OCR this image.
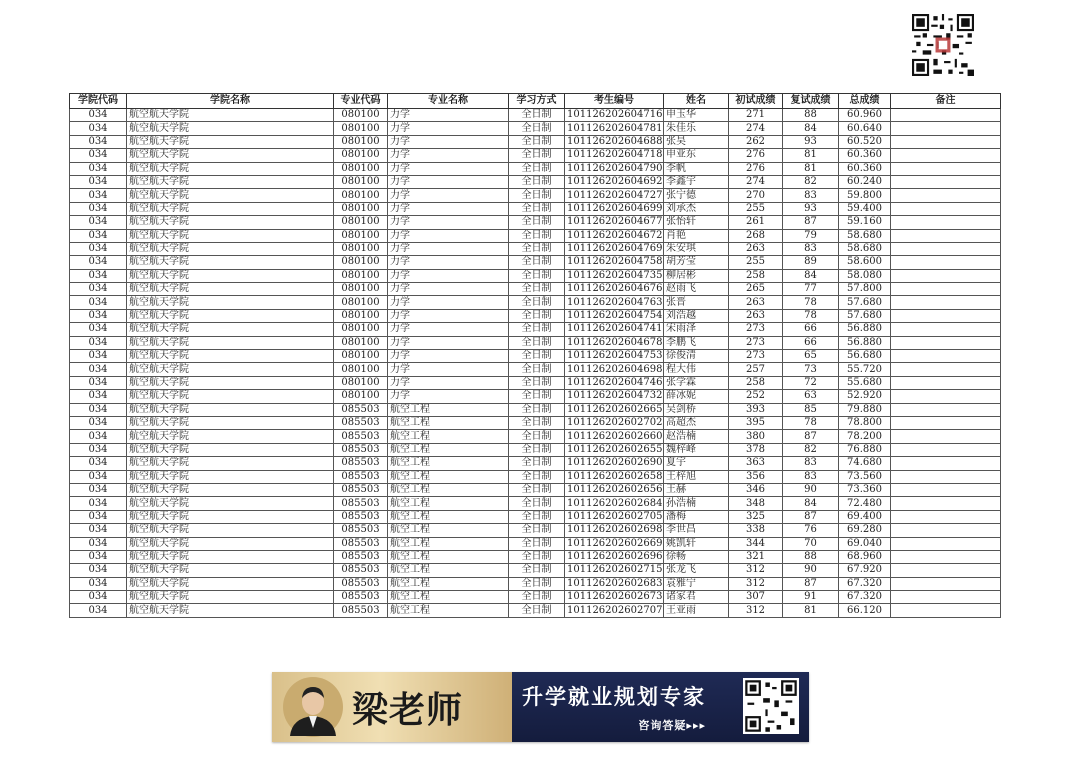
学院代码	学院名称	专业代码	专业名称	学习方式	考生编号	姓名	初试成绩	复试成绩	总成绩	备注
034	航空航天学院	080100	力学	全日制	101126202604716	申玉华	271	88	60.960	
034	航空航天学院	080100	力学	全日制	101126202604781	朱佳乐	274	84	60.640	
034	航空航天学院	080100	力学	全日制	101126202604688	张昊	262	93	60.520	
034	航空航天学院	080100	力学	全日制	101126202604718	申亚东	276	81	60.360	
034	航空航天学院	080100	力学	全日制	101126202604790	李帆	276	81	60.360	
034	航空航天学院	080100	力学	全日制	101126202604692	李鑫宇	274	82	60.240	
034	航空航天学院	080100	力学	全日制	101126202604727	张宁德	270	83	59.800	
034	航空航天学院	080100	力学	全日制	101126202604699	刘承杰	255	93	59.400	
034	航空航天学院	080100	力学	全日制	101126202604677	张怡轩	261	87	59.160	
034	航空航天学院	080100	力学	全日制	101126202604672	肖艳	268	79	58.680	
034	航空航天学院	080100	力学	全日制	101126202604769	朱安琪	263	83	58.680	
034	航空航天学院	080100	力学	全日制	101126202604758	胡芳莹	255	89	58.600	
034	航空航天学院	080100	力学	全日制	101126202604735	柳居彬	258	84	58.080	
034	航空航天学院	080100	力学	全日制	101126202604676	赵雨飞	265	77	57.800	
034	航空航天学院	080100	力学	全日制	101126202604763	张晋	263	78	57.680	
034	航空航天学院	080100	力学	全日制	101126202604754	刘浩越	263	78	57.680	
034	航空航天学院	080100	力学	全日制	101126202604741	宋雨泽	273	66	56.880	
034	航空航天学院	080100	力学	全日制	101126202604678	李鹏飞	273	66	56.880	
034	航空航天学院	080100	力学	全日制	101126202604753	徐俊清	273	65	56.680	
034	航空航天学院	080100	力学	全日制	101126202604698	程大伟	257	73	55.720	
034	航空航天学院	080100	力学	全日制	101126202604746	张学霖	258	72	55.680	
034	航空航天学院	080100	力学	全日制	101126202604732	薛冰妮	252	63	52.920	
034	航空航天学院	085503	航空工程	全日制	101126202602665	吴剑桥	393	85	79.880	
034	航空航天学院	085503	航空工程	全日制	101126202602702	高超杰	395	78	78.800	
034	航空航天学院	085503	航空工程	全日制	101126202602660	赵浩楠	380	87	78.200	
034	航空航天学院	085503	航空工程	全日制	101126202602655	魏梓峰	378	82	76.880	
034	航空航天学院	085503	航空工程	全日制	101126202602690	夏宇	363	83	74.680	
034	航空航天学院	085503	航空工程	全日制	101126202602658	王梓旭	356	83	73.560	
034	航空航天学院	085503	航空工程	全日制	101126202602656	王赫	346	90	73.360	
034	航空航天学院	085503	航空工程	全日制	101126202602684	孙浩楠	348	84	72.480	
034	航空航天学院	085503	航空工程	全日制	101126202602705	潘梅	325	87	69.400	
034	航空航天学院	085503	航空工程	全日制	101126202602698	李世昌	338	76	69.280	
034	航空航天学院	085503	航空工程	全日制	101126202602669	姚凯轩	344	70	69.040	
034	航空航天学院	085503	航空工程	全日制	101126202602696	徐畅	321	88	68.960	
034	航空航天学院	085503	航空工程	全日制	101126202602715	张龙飞	312	90	67.920	
034	航空航天学院	085503	航空工程	全日制	101126202602683	袁雅宁	312	87	67.320	
034	航空航天学院	085503	航空工程	全日制	101126202602673	诸家君	307	91	67.320	
034	航空航天学院	085503	航空工程	全日制	101126202602707	王亚雨	312	81	66.120	
梁老师	升学就业规划专家
咨询答疑▸▸▸
